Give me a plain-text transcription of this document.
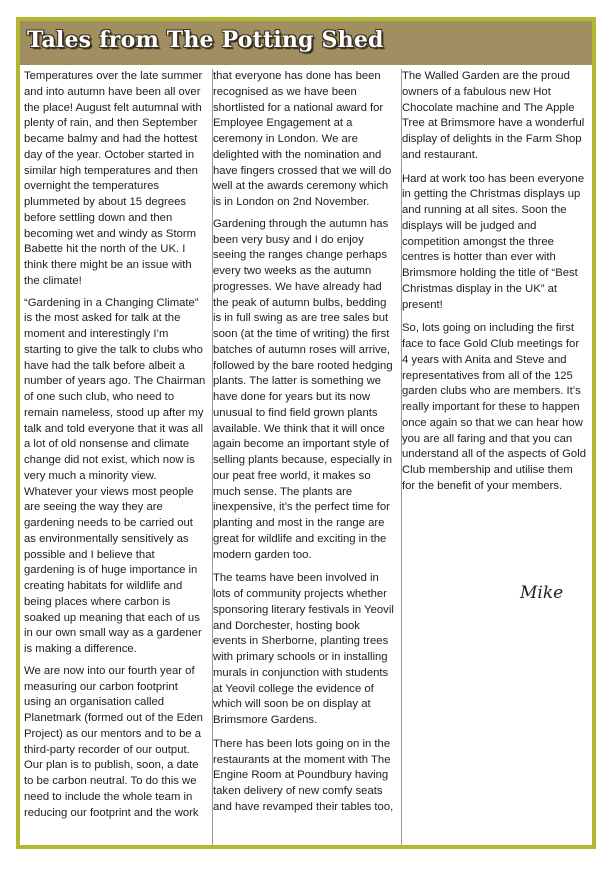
Tales from The Potting Shed

Temperatures over the late summer and into autumn have been all over the place! August felt autumnal with plenty of rain, and then September became balmy and had the hottest day of the year. October started in similar high temperatures and then overnight the temperatures plummeted by about 15 degrees before settling down and then becoming wet and windy as Storm Babette hit the north of the UK. I think there might be an issue with the climate!

“Gardening in a Changing Climate” is the most asked for talk at the moment and interestingly I’m starting to give the talk to clubs who have had the talk before albeit a number of years ago. The Chairman of one such club, who need to remain nameless, stood up after my talk and told everyone that it was all a lot of old nonsense and climate change did not exist, which now is very much a minority view. Whatever your views most people are seeing the way they are gardening needs to be carried out as environmentally sensitively as possible and I believe that gardening is of huge importance in creating habitats for wildlife and being places where carbon is soaked up meaning that each of us in our own small way as a gardener is making a difference.

We are now into our fourth year of measuring our carbon footprint using an organisation called Planetmark (formed out of the Eden Project) as our mentors and to be a third-party recorder of our output. Our plan is to publish, soon, a date to be carbon neutral. To do this we need to include the whole team in reducing our footprint and the work

that everyone has done has been recognised as we have been shortlisted for a national award for Employee Engagement at a ceremony in London. We are delighted with the nomination and have fingers crossed that we will do well at the awards ceremony which is in London on 2nd November.

Gardening through the autumn has been very busy and I do enjoy seeing the ranges change perhaps every two weeks as the autumn progresses. We have already had the peak of autumn bulbs, bedding is in full swing as are tree sales but soon (at the time of writing) the first batches of autumn roses will arrive, followed by the bare rooted hedging plants. The latter is something we have done for years but its now unusual to find field grown plants available. We think that it will once again become an important style of selling plants because, especially in our peat free world, it makes so much sense. The plants are inexpensive, it’s the perfect time for planting and most in the range are great for wildlife and exciting in the modern garden too.

The teams have been involved in lots of community projects whether sponsoring literary festivals in Yeovil and Dorchester, hosting book events in Sherborne, planting trees with primary schools or in installing murals in conjunction with students at Yeovil college the evidence of which will soon be on display at Brimsmore Gardens.

There has been lots going on in the restaurants at the moment with The Engine Room at Poundbury having taken delivery of new comfy seats and have revamped their tables too,

The Walled Garden are the proud owners of a fabulous new Hot Chocolate machine and The Apple Tree at Brimsmore have a wonderful display of delights in the Farm Shop and restaurant.

Hard at work too has been everyone in getting the Christmas displays up and running at all sites. Soon the displays will be judged and competition amongst the three centres is hotter than ever with Brimsmore holding the title of “Best Christmas display in the UK” at present!

So, lots going on including the first face to face Gold Club meetings for 4 years with Anita and Steve and representatives from all of the 125 garden clubs who are members. It’s really important for these to happen once again so that we can hear how you are all faring and that you can understand all of the aspects of Gold Club membership and utilise them for the benefit of your members.

Mike
